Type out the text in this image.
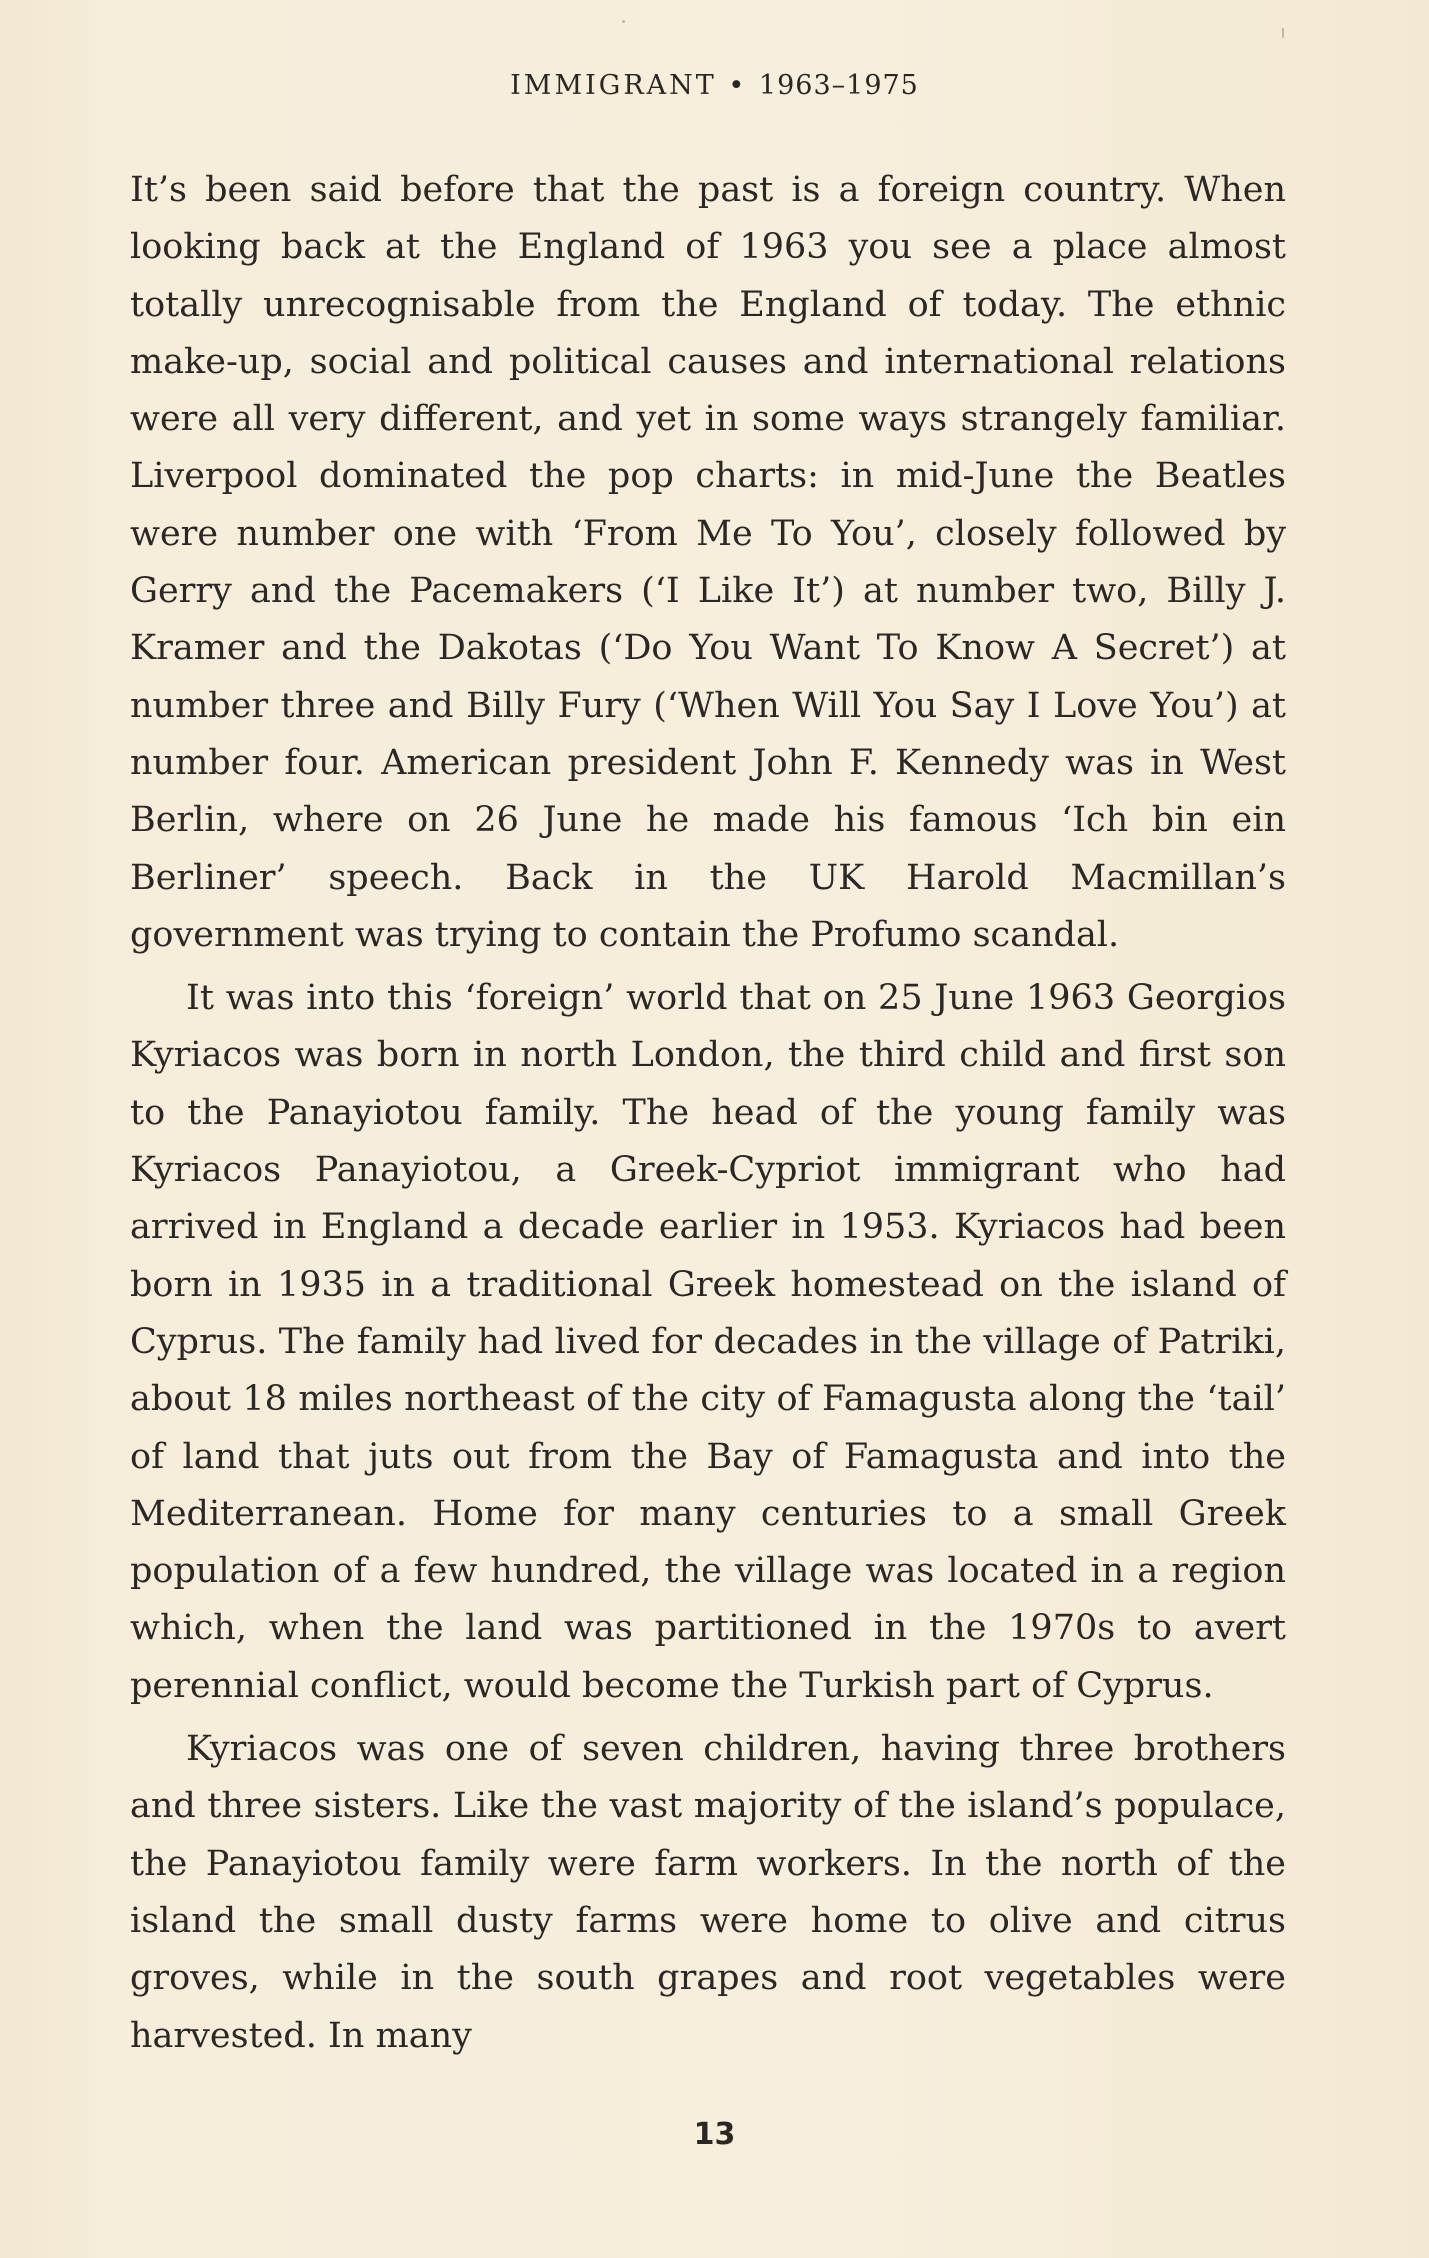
IMMIGRANT • 1963–1975

It’s been said before that the past is a foreign country. When looking back at the England of 1963 you see a place almost totally unrecognisable from the England of today. The ethnic make-up, social and political causes and international relations were all very different, and yet in some ways strangely familiar. Liverpool dominated the pop charts: in mid-June the Beatles were number one with ‘From Me To You’, closely followed by Gerry and the Pacemakers (‘I Like It’) at number two, Billy J. Kramer and the Dakotas (‘Do You Want To Know A Secret’) at number three and Billy Fury (‘When Will You Say I Love You’) at number four. American president John F. Kennedy was in West Berlin, where on 26 June he made his famous ‘Ich bin ein Berliner’ speech. Back in the UK Harold Macmillan’s government was trying to contain the Profumo scandal.

It was into this ‘foreign’ world that on 25 June 1963 Georgios Kyriacos was born in north London, the third child and first son to the Panayiotou family. The head of the young family was Kyriacos Panayiotou, a Greek-Cypriot immigrant who had arrived in England a decade earlier in 1953. Kyriacos had been born in 1935 in a traditional Greek homestead on the island of Cyprus. The family had lived for decades in the village of Patriki, about 18 miles northeast of the city of Famagusta along the ‘tail’ of land that juts out from the Bay of Famagusta and into the Mediterranean. Home for many centuries to a small Greek population of a few hundred, the village was located in a region which, when the land was partitioned in the 1970s to avert perennial conflict, would become the Turkish part of Cyprus.

Kyriacos was one of seven children, having three brothers and three sisters. Like the vast majority of the island’s populace, the Panayiotou family were farm workers. In the north of the island the small dusty farms were home to olive and citrus groves, while in the south grapes and root vegetables were harvested. In many

13
